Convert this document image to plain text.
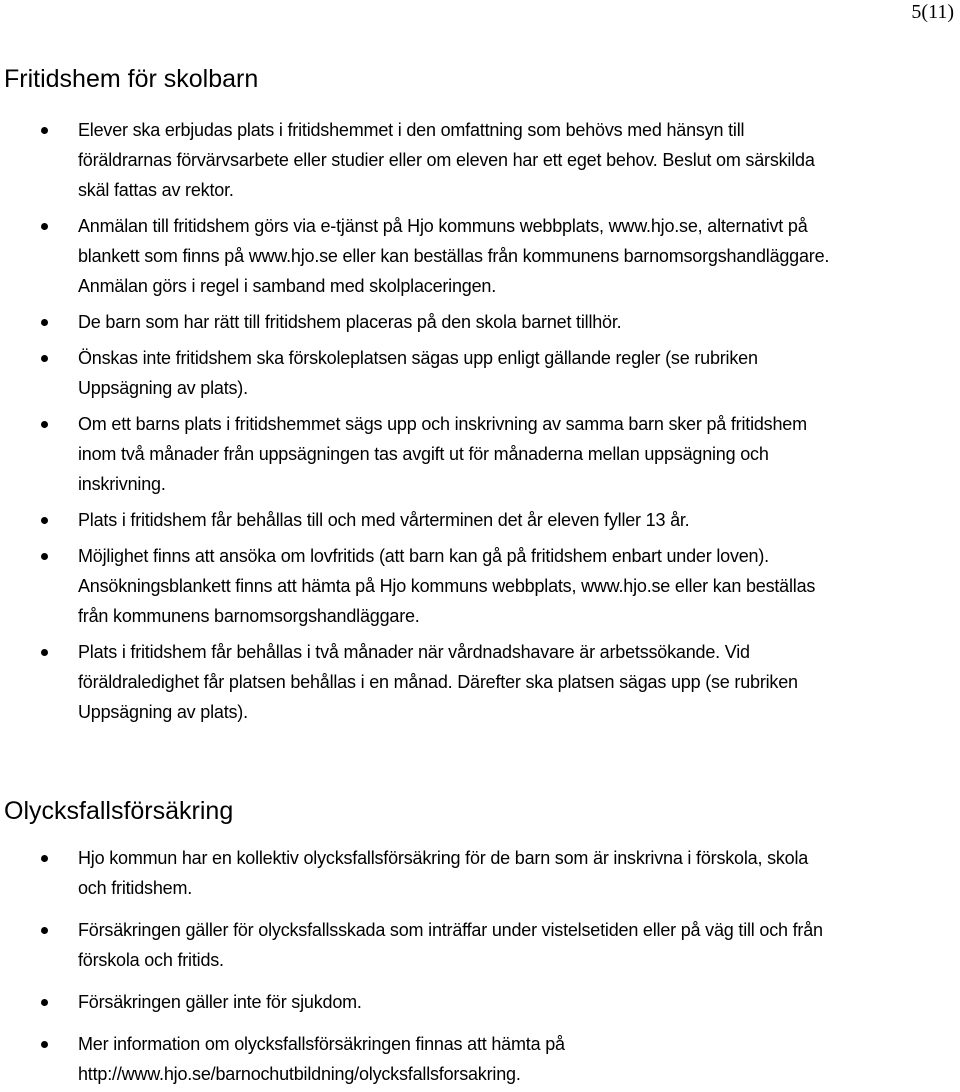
5(11)
Fritidshem för skolbarn

Elever ska erbjudas plats i fritidshemmet i den omfattning som behövs med hänsyn till
föräldrarnas förvärvsarbete eller studier eller om eleven har ett eget behov. Beslut om särskilda
skäl fattas av rektor.

Anmälan till fritidshem görs via e-tjänst på Hjo kommuns webbplats, www.hjo.se, alternativt på
blankett som finns på www.hjo.se eller kan beställas från kommunens barnomsorgshandläggare.
Anmälan görs i regel i samband med skolplaceringen.

De barn som har rätt till fritidshem placeras på den skola barnet tillhör.

Önskas inte fritidshem ska förskoleplatsen sägas upp enligt gällande regler (se rubriken
Uppsägning av plats).

Om ett barns plats i fritidshemmet sägs upp och inskrivning av samma barn sker på fritidshem
inom två månader från uppsägningen tas avgift ut för månaderna mellan uppsägning och
inskrivning.

Plats i fritidshem får behållas till och med vårterminen det år eleven fyller 13 år.

Möjlighet finns att ansöka om lovfritids (att barn kan gå på fritidshem enbart under loven).
Ansökningsblankett finns att hämta på Hjo kommuns webbplats, www.hjo.se eller kan beställas
från kommunens barnomsorgshandläggare.

Plats i fritidshem får behållas i två månader när vårdnadshavare är arbetssökande. Vid
föräldraledighet får platsen behållas i en månad. Därefter ska platsen sägas upp (se rubriken
Uppsägning av plats).

Olycksfallsförsäkring

Hjo kommun har en kollektiv olycksfallsförsäkring för de barn som är inskrivna i förskola, skola
och fritidshem.

Försäkringen gäller för olycksfallsskada som inträffar under vistelsetiden eller på väg till och från
förskola och fritids.

Försäkringen gäller inte för sjukdom.

Mer information om olycksfallsförsäkringen finnas att hämta på
http://www.hjo.se/barnochutbildning/olycksfallsforsakring.
